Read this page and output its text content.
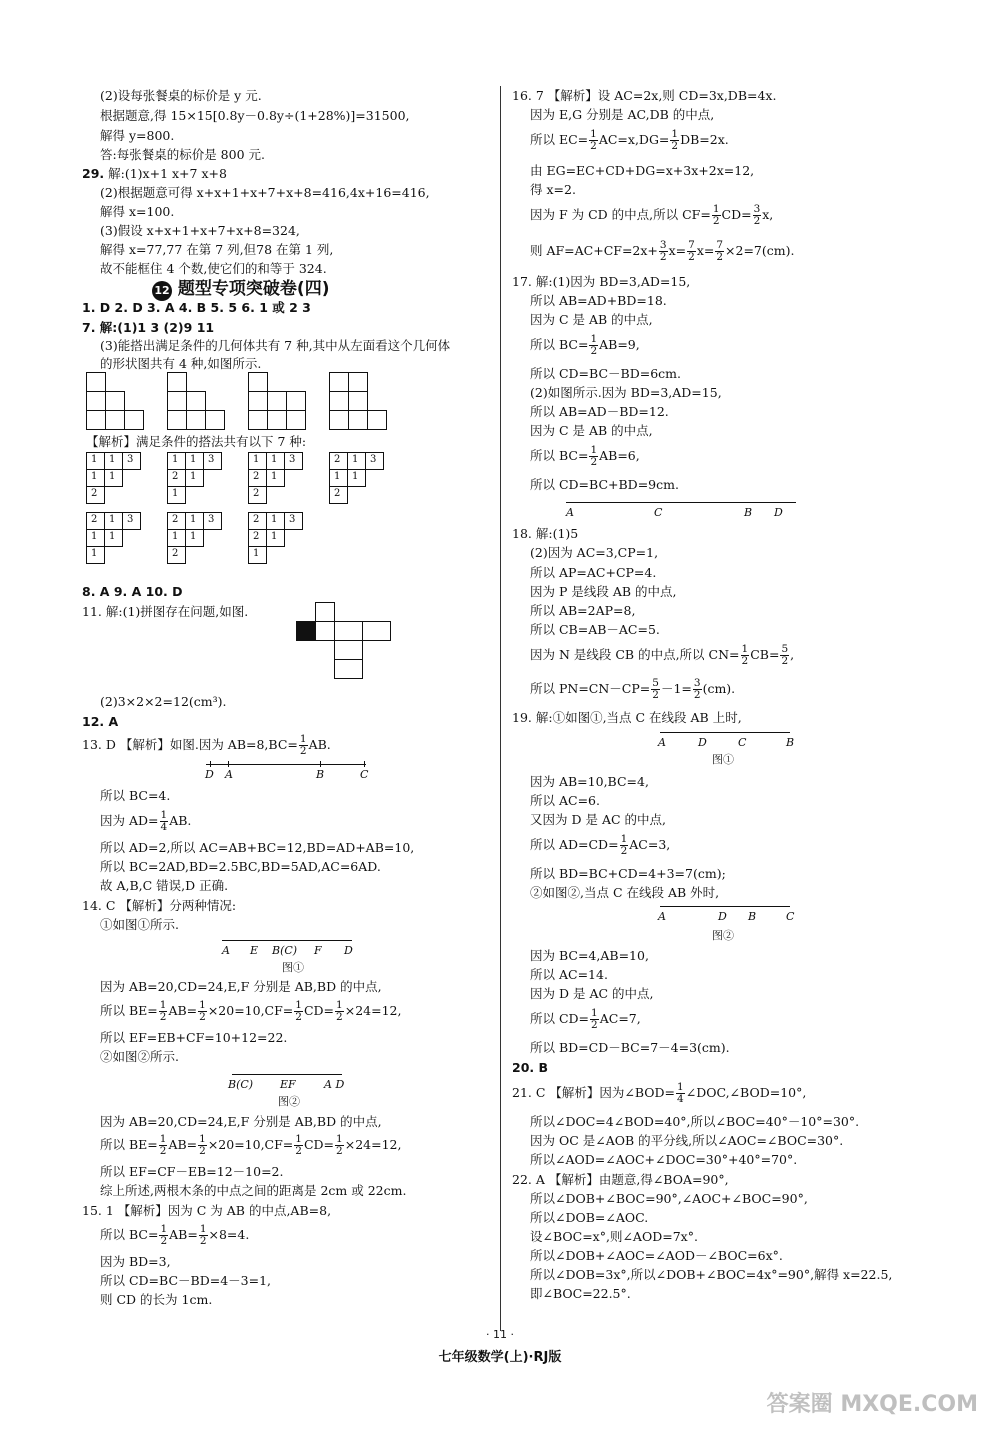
(2)设每张餐桌的标价是 y 元.
根据题意,得 15×15[0.8y－0.8y÷(1+28%)]=31500,
解得 y=800.
答:每张餐桌的标价是 800 元.
29. 解:(1)x+1 x+7 x+8
(2)根据题意可得 x+x+1+x+7+x+8=416,4x+16=416,
解得 x=100.
(3)假设 x+x+1+x+7+x+8=324,
解得 x=77,77 在第 7 列,但78 在第 1 列,
故不能框住 4 个数,使它们的和等于 324.
12 题型专项突破卷(四)
1. D 2. D 3. A 4. B 5. 5 6. 1 或 2 3
7. 解:(1)1 3 (2)9 11
(3)能搭出满足条件的几何体共有 7 种,其中从左面看这个几何体
的形状图共有 4 种,如图所示.
【解析】满足条件的搭法共有以下 7 种:
1	1	3
1	1
2
1	1	3
2	1
1
1	1	3
2	1
2
2	1	3
1	1
2
2	1	3
1	1
1
2	1	3
1	1
2
2	1	3
2	1
1
8. A 9. A 10. D
11. 解:(1)拼图存在问题,如图.
(2)3×2×2=12(cm³).
12. A
13. D 【解析】如图.因为 $AB=8,BC= \frac{1}{2}$ AB.
D A	B	C
所以 BC=4.
因为 $AD= \frac{1}{4}$ AB.
所以 AD=2,所以 AC=AB+BC=12,BD=AD+AB=10,
所以 BC=2AD,BD=2.5BC,BD=5AD,AC=6AD.
故 A,B,C 错误,D 正确.
14. C 【解析】分两种情况:
①如图①所示.
A E B(C) F D
图①
因为 AB=20,CD=24,E,F 分别是 AB,BD 的中点,
所以 $BE= \frac{1}{2} AB= \frac{1}{2} \times 20=10,CF= \frac{1}{2} CD= \frac{1}{2} \times 24=12$,
所以 EF=EB+CF=10+12=22.
②如图②所示.
B(C) EF	A D
图②
因为 AB=20,CD=24,E,F 分别是 AB,BD 的中点,
所以 $BE= \frac{1}{2} AB= \frac{1}{2} \times 20=10,CF= \frac{1}{2} CD= \frac{1}{2} \times 24=12$,
所以 EF=CF－EB=12－10=2.
综上所述,两根木条的中点之间的距离是 2cm 或 22cm.
15. 1 【解析】因为 C 为 AB 的中点,AB=8,
所以 $BC= \frac{1}{2} AB= \frac{1}{2} \times 8=4$.
因为 BD=3,
所以 CD=BC－BD=4－3=1,
则 CD 的长为 1cm.
16. 7 【解析】设 AC=2x,则 CD=3x,DB=4x.
因为 E,G 分别是 AC,DB 的中点,
所以 $EC= \frac{1}{2} AC=x,DG= \frac{1}{2} DB=2x$.
由 EG=EC+CD+DG=x+3x+2x=12,
得 x=2.
因为 F 为 CD 的中点,所以 $CF= \frac{1}{2} CD= \frac{3}{2} x$,
则 $AF=AC+CF=2x+ \frac{3}{2} x= \frac{7}{2} x= \frac{7}{2} \times 2=7(cm)$.
17. 解:(1)因为 BD=3,AD=15,
所以 AB=AD+BD=18.
因为 C 是 AB 的中点,
所以 $BC= \frac{1}{2} AB=9$,
所以 CD=BC－BD=6cm.
(2)如图所示.因为 BD=3,AD=15,
所以 AB=AD－BD=12.
因为 C 是 AB 的中点,
所以 $BC= \frac{1}{2} AB=6$,
所以 CD=BC+BD=9cm.
A	C	B D
18. 解:(1)5
(2)因为 AC=3,CP=1,
所以 AP=AC+CP=4.
因为 P 是线段 AB 的中点,
所以 AB=2AP=8,
所以 CB=AB－AC=5.
因为 N 是线段 CB 的中点,所以 $CN= \frac{1}{2} CB= \frac{5}{2}$ ,
所以 $PN=CN-CP= \frac{5}{2} -1= \frac{3}{2} (cm)$.
19. 解:①如图①,当点 C 在线段 AB 上时,
A	D	C	B
图①
因为 AB=10,BC=4,
所以 AC=6.
又因为 D 是 AC 的中点,
所以 $AD=CD= \frac{1}{2} AC=3$,
所以 BD=BC+CD=4+3=7(cm);
②如图②,当点 C 在线段 AB 外时,
A	D B	C
图②
因为 BC=4,AB=10,
所以 AC=14.
因为 D 是 AC 的中点,
所以 $CD= \frac{1}{2} AC=7$,
所以 BD=CD－BC=7－4=3(cm).
20. B
21. C 【解析】因为∠BOD= $\frac{1}{4}$ ∠DOC,∠BOD=10°,
所以∠DOC=4∠BOD=40°,所以∠BOC=40°－10°=30°.
因为 OC 是∠AOB 的平分线,所以∠AOC=∠BOC=30°.
所以∠AOD=∠AOC+∠DOC=30°+40°=70°.
22. A 【解析】由题意,得∠BOA=90°,
所以∠DOB+∠BOC=90°,∠AOC+∠BOC=90°,
所以∠DOB=∠AOC.
设∠BOC=x°,则∠AOD=7x°.
所以∠DOB+∠AOC=∠AOD－∠BOC=6x°.
所以∠DOB=3x°,所以∠DOB+∠BOC=4x°=90°,解得 x=22.5,
即∠BOC=22.5°.
· 11 ·
七年级数学(上)·RJ版
答案圈 MXQE.COM
